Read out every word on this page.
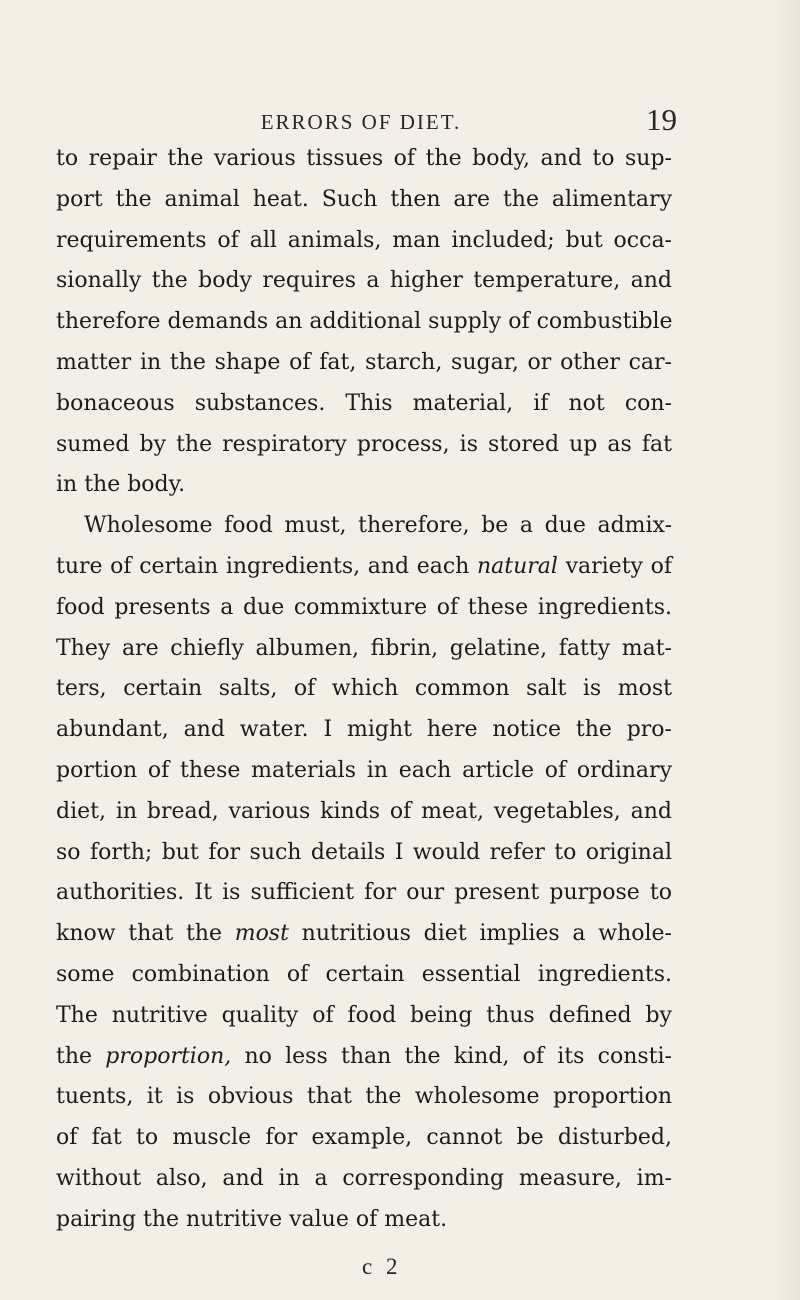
ERRORS OF DIET.	19
to repair the various tissues of the body, and to sup-
port the animal heat. Such then are the alimentary
requirements of all animals, man included; but occa-
sionally the body requires a higher temperature, and
therefore demands an additional supply of combustible
matter in the shape of fat, starch, sugar, or other car-
bonaceous substances. This material, if not con-
sumed by the respiratory process, is stored up as fat
in the body.
Wholesome food must, therefore, be a due admix-
ture of certain ingredients, and each natural variety of
food presents a due commixture of these ingredients.
They are chiefly albumen, fibrin, gelatine, fatty mat-
ters, certain salts, of which common salt is most
abundant, and water. I might here notice the pro-
portion of these materials in each article of ordinary
diet, in bread, various kinds of meat, vegetables, and
so forth; but for such details I would refer to original
authorities. It is sufficient for our present purpose to
know that the most nutritious diet implies a whole-
some combination of certain essential ingredients.
The nutritive quality of food being thus defined by
the proportion, no less than the kind, of its consti-
tuents, it is obvious that the wholesome proportion
of fat to muscle for example, cannot be disturbed,
without also, and in a corresponding measure, im-
pairing the nutritive value of meat.
c 2
